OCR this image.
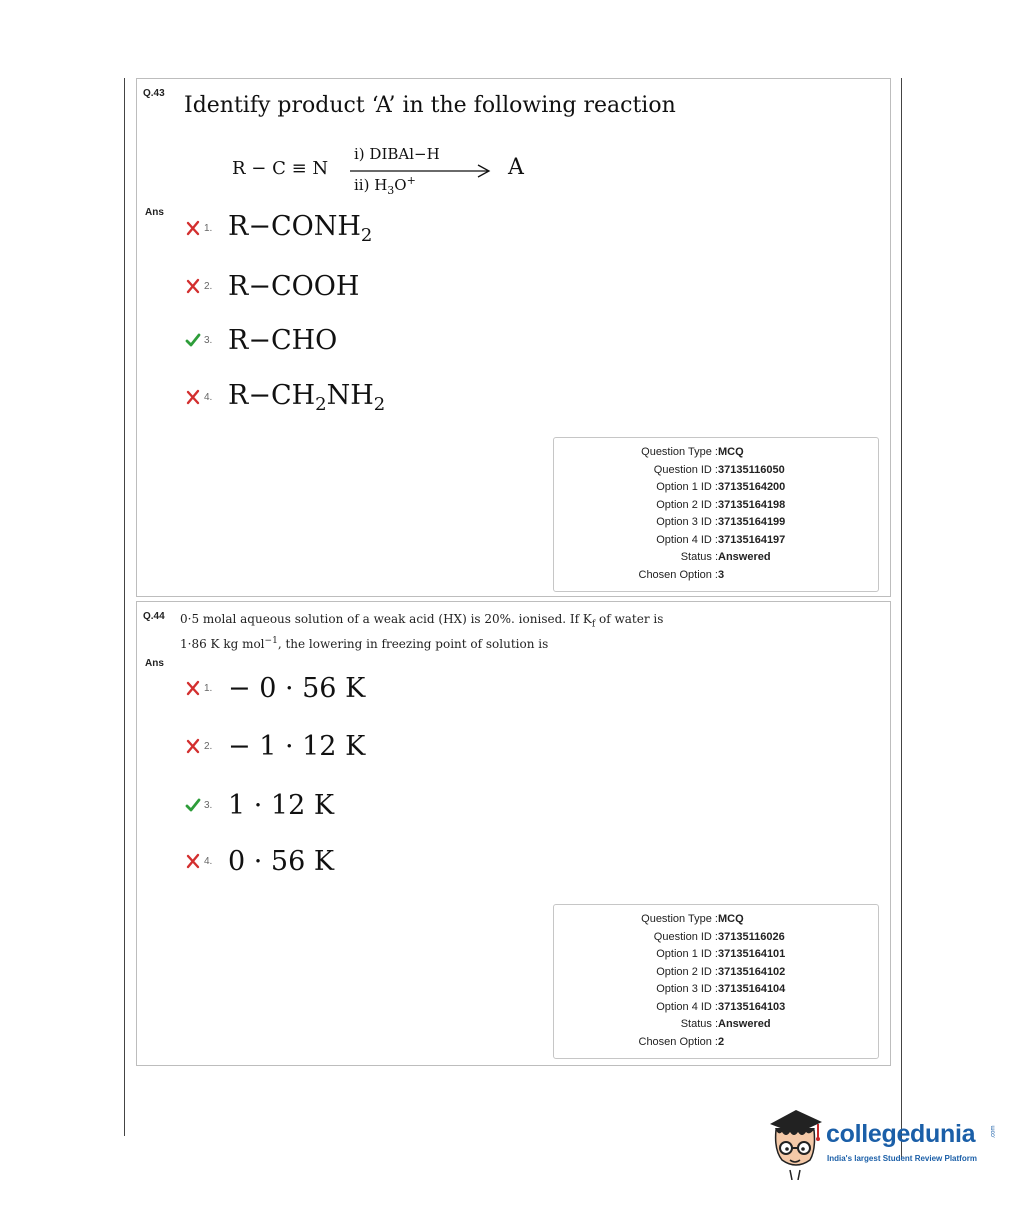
Q.43 Identify product ‘A’ in the following reaction
R − C ≡ N
i) DIBAl−H
ii) $H_3O^+$
A
Ans
1. $R-CONH_2$
2. R−COOH
3. R−CHO
4. $R-CH_2NH_2$
Question Type : MCQ
Question ID : 37135116050
Option 1 ID : 37135164200
Option 2 ID : 37135164198
Option 3 ID : 37135164199
Option 4 ID : 37135164197
Status : Answered
Chosen Option : 3
Q.44 0·5 molal aqueous solution of a weak acid (HX) is 20%. ionised. If $K_f$ of water is
1·86 K kg mol$^{-1}$, the lowering in freezing point of solution is
Ans
1. − 0 · 56 K
2. − 1 · 12 K
3. 1 · 12 K
4. 0 · 56 K
Question Type : MCQ
Question ID : 37135116026
Option 1 ID : 37135164101
Option 2 ID : 37135164102
Option 3 ID : 37135164104
Option 4 ID : 37135164103
Status : Answered
Chosen Option : 2
collegedunia	.com
India's largest Student Review Platform
